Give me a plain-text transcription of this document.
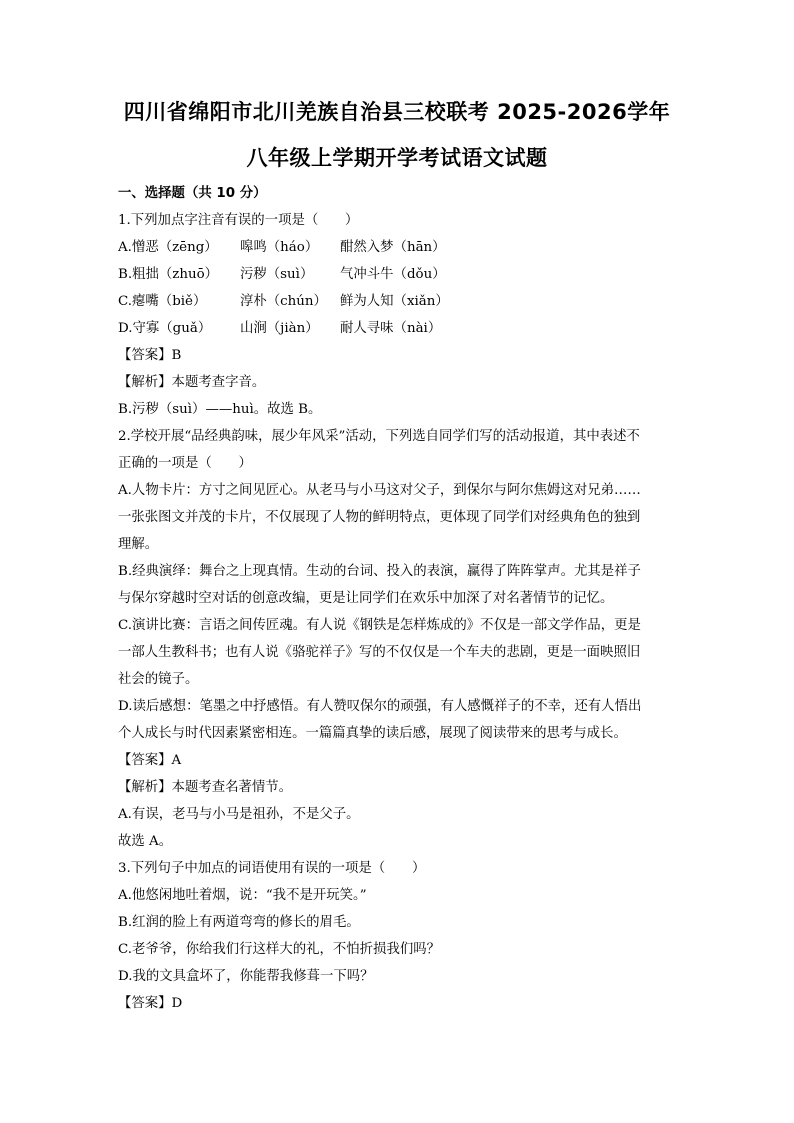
四川省绵阳市北川羌族自治县三校联考 2025-2026学年
八年级上学期开学考试语文试题
一、选择题（共 10 分）
1.下列加点字注音有误的一项是（　　）
A.憎恶（zēng） 嗥鸣（háo） 酣然入梦（hān）
B.粗拙（zhuō） 污秽（suì） 气冲斗牛（dǒu）
C.瘪嘴（biě）	淳朴（chún） 鲜为人知（xiǎn）
D.守寡（guǎ） 山涧（jiàn） 耐人寻味（nài）
【答案】B
【解析】本题考查字音。
B.污秽（suì）——huì。故选 B。
2.学校开展“品经典韵味，展少年风采”活动，下列选自同学们写的活动报道，其中表述不
正确的一项是（　　）
A.人物卡片：方寸之间见匠心。从老马与小马这对父子，到保尔与阿尔焦姆这对兄弟……
一张张图文并茂的卡片，不仅展现了人物的鲜明特点，更体现了同学们对经典角色的独到
理解。
B.经典演绎：舞台之上现真情。生动的台词、投入的表演，赢得了阵阵掌声。尤其是祥子
与保尔穿越时空对话的创意改编，更是让同学们在欢乐中加深了对名著情节的记忆。
C.演讲比赛：言语之间传匠魂。有人说《钢铁是怎样炼成的》不仅是一部文学作品，更是
一部人生教科书；也有人说《骆驼祥子》写的不仅仅是一个车夫的悲剧，更是一面映照旧
社会的镜子。
D.读后感想：笔墨之中抒感悟。有人赞叹保尔的顽强，有人感慨祥子的不幸，还有人悟出
个人成长与时代因素紧密相连。一篇篇真挚的读后感，展现了阅读带来的思考与成长。
【答案】A
【解析】本题考查名著情节。
A.有误，老马与小马是祖孙，不是父子。
故选 A。
3.下列句子中加点的词语使用有误的一项是（　　）
A.他悠闲地吐着烟，说：“我不是开玩笑。”
B.红润的脸上有两道弯弯的修长的眉毛。
C.老爷爷，你给我们行这样大的礼，不怕折损我们吗？
D.我的文具盒坏了，你能帮我修葺一下吗？
【答案】D
